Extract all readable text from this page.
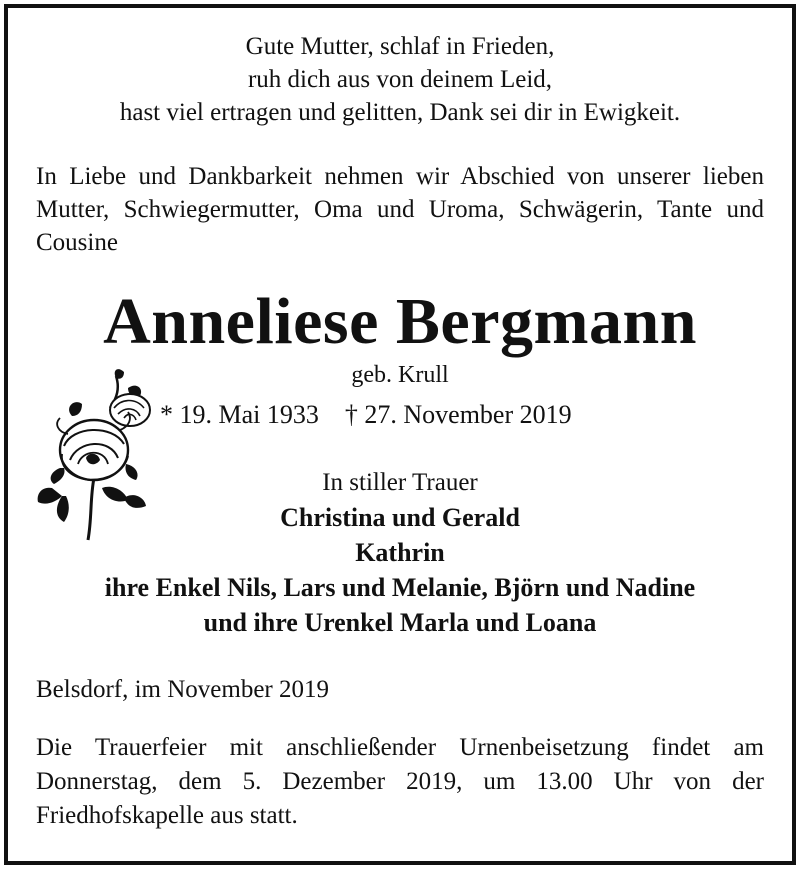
Gute Mutter, schlaf in Frieden,
ruh dich aus von deinem Leid,
hast viel ertragen und gelitten, Dank sei dir in Ewigkeit.
In Liebe und Dankbarkeit nehmen wir Abschied von unserer lieben Mutter, Schwiegermutter, Oma und Uroma, Schwägerin, Tante und Cousine
Anneliese Bergmann
geb. Krull
* 19. Mai 1933 † 27. November 2019
In stiller Trauer
Christina und Gerald
Kathrin
ihre Enkel Nils, Lars und Melanie, Björn und Nadine
und ihre Urenkel Marla und Loana
Belsdorf, im November 2019
Die Trauerfeier mit anschließender Urnenbeisetzung findet am Donnerstag, dem 5. Dezember 2019, um 13.00 Uhr von der Friedhofskapelle aus statt.
